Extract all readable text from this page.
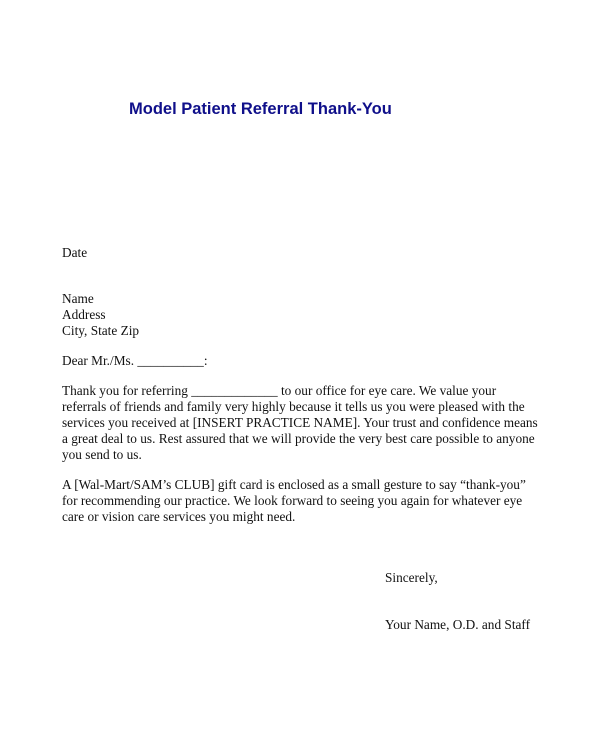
Model Patient Referral Thank-You
Date
Name
Address
City, State Zip
Dear Mr./Ms. __________:
Thank you for referring _____________ to our office for eye care. We value your
referrals of friends and family very highly because it tells us you were pleased with the
services you received at [INSERT PRACTICE NAME]. Your trust and confidence means
a great deal to us. Rest assured that we will provide the very best care possible to anyone
you send to us.
A [Wal-Mart/SAM’s CLUB] gift card is enclosed as a small gesture to say “thank-you”
for recommending our practice. We look forward to seeing you again for whatever eye
care or vision care services you might need.
Sincerely,
Your Name, O.D. and Staff
